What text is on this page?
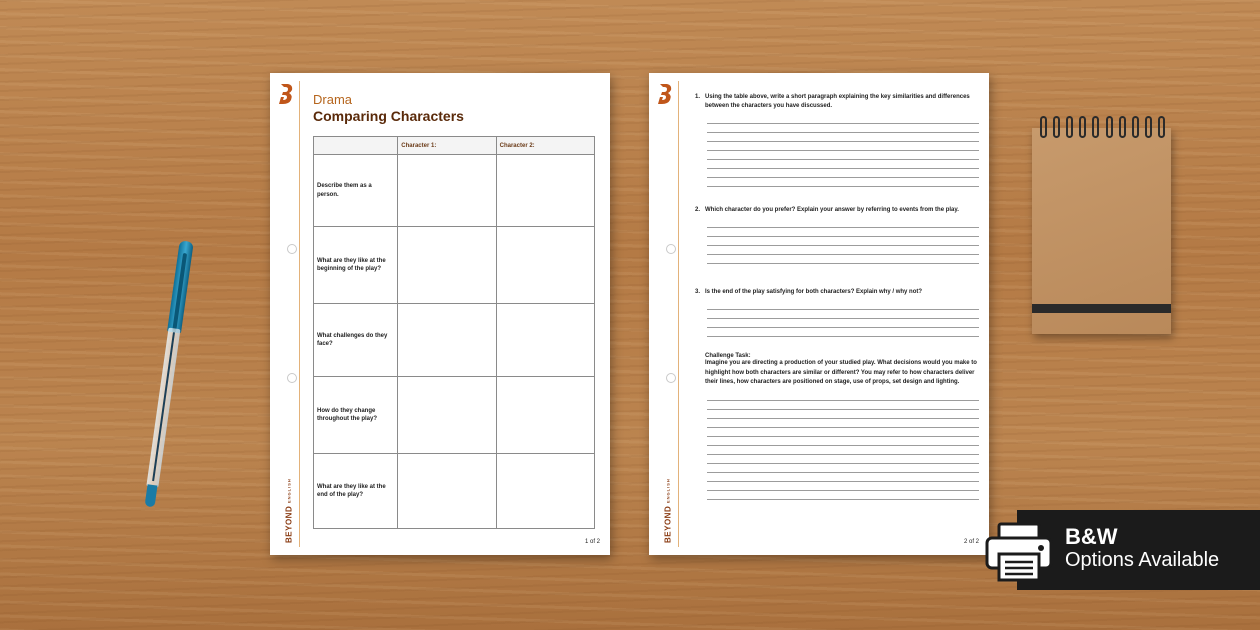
BEYOND
ENGLISH
Drama
Comparing Characters
	Character 1:	Character 2:
Describe them as a person.		
What are they like at the beginning of the play?		
What challenges do they face?		
How do they change throughout the play?		
What are they like at the end of the play?		
1 of 2	BEYOND
ENGLISH
1. Using the table above, write a short paragraph explaining the key similarities and differences between the characters you have discussed.
2. Which character do you prefer? Explain your answer by referring to events from the play.
3. Is the end of the play satisfying for both characters? Explain why / why not?
Challenge Task:
Imagine you are directing a production of your studied play. What decisions would you make to highlight how both characters are similar or different? You may refer to how characters deliver their lines, how characters are positioned on stage, use of props, set design and lighting.
2 of 2	B&W
Options Available
